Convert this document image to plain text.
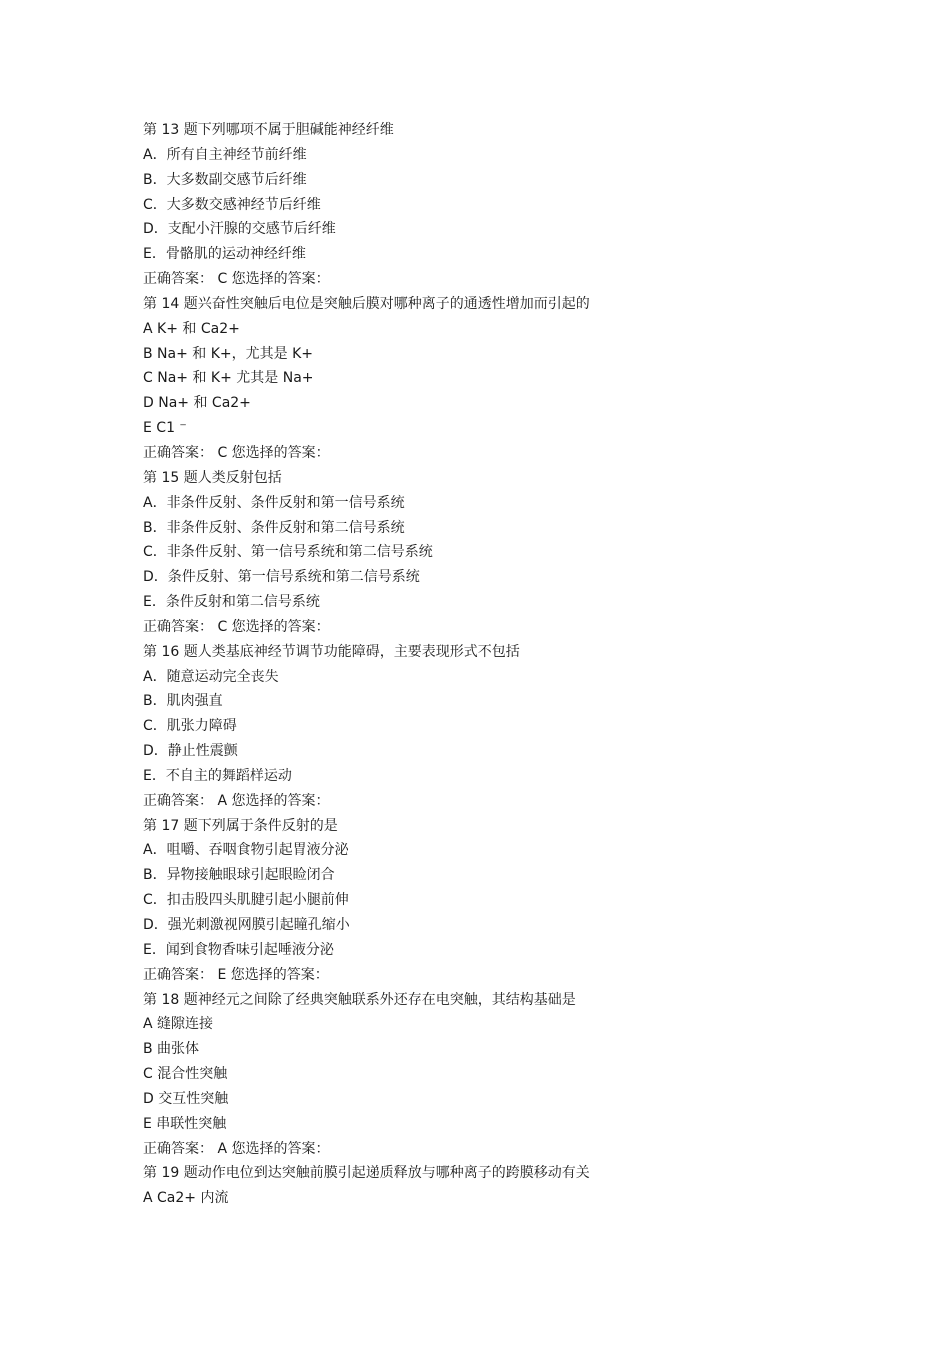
第 13 题下列哪项不属于胆碱能神经纤维
A．所有自主神经节前纤维
B．大多数副交感节后纤维
C．大多数交感神经节后纤维
D．支配小汗腺的交感节后纤维
E．骨骼肌的运动神经纤维
正确答案： C 您选择的答案：
第 14 题兴奋性突触后电位是突触后膜对哪种离子的通透性增加而引起的
A K+ 和 Ca2+
B Na+ 和 K+，尤其是 K+
C Na+ 和 K+ 尤其是 Na+
D Na+ 和 Ca2+
E C1 ⁻
正确答案： C 您选择的答案：
第 15 题人类反射包括
A．非条件反射、条件反射和第一信号系统
B．非条件反射、条件反射和第二信号系统
C．非条件反射、第一信号系统和第二信号系统
D．条件反射、第一信号系统和第二信号系统
E．条件反射和第二信号系统
正确答案： C 您选择的答案：
第 16 题人类基底神经节调节功能障碍，主要表现形式不包括
A．随意运动完全丧失
B．肌肉强直
C．肌张力障碍
D．静止性震颤
E．不自主的舞蹈样运动
正确答案： A 您选择的答案：
第 17 题下列属于条件反射的是
A．咀嚼、吞咽食物引起胃液分泌
B．异物接触眼球引起眼睑闭合
C．扣击股四头肌腱引起小腿前伸
D．强光刺激视网膜引起瞳孔缩小
E．闻到食物香味引起唾液分泌
正确答案： E 您选择的答案：
第 18 题神经元之间除了经典突触联系外还存在电突触，其结构基础是
A 缝隙连接
B 曲张体
C 混合性突触
D 交互性突触
E 串联性突触
正确答案： A 您选择的答案：
第 19 题动作电位到达突触前膜引起递质释放与哪种离子的跨膜移动有关
A Ca2+ 内流
